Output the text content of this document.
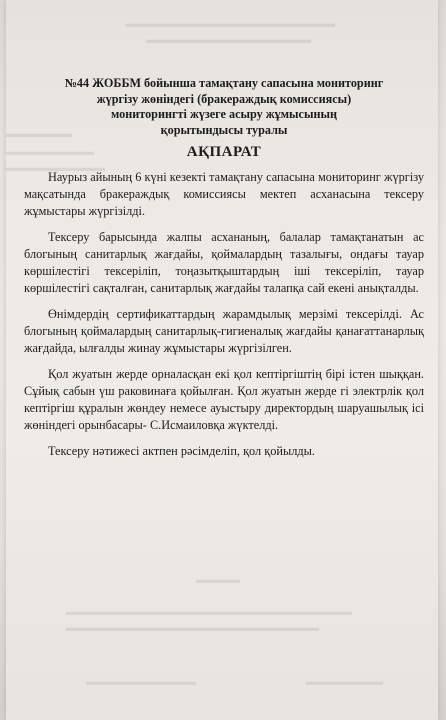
▬▬▬▬▬▬▬▬▬▬▬▬▬▬▬▬▬▬▬
▬▬▬▬▬▬▬▬▬▬▬▬▬▬▬
▬▬▬▬▬▬
▬▬▬▬▬▬▬▬
▬▬▬▬▬▬▬▬▬
▬▬▬▬
▬▬▬▬▬▬▬▬▬▬▬▬▬▬▬▬▬▬▬▬▬▬▬▬▬▬
▬▬▬▬▬▬▬▬▬▬▬▬▬▬▬▬▬▬▬▬▬▬▬
▬▬▬▬▬▬▬▬▬▬	▬▬▬▬▬▬▬
№44 ЖОББМ бойынша тамақтану сапасына мониторинг
жүргізу жөніндегі (бракераждық комиссиясы)
мониторингті жүзеге асыру жұмысының
қорытындысы туралы
АҚПАРАТ

Наурыз айының 6 күні кезекті тамақтану сапасына мониторинг жүргізу мақсатында бракераждық комиссиясы мектеп асханасына тексеру жұмыстары жүргізілді.

Тексеру барысында жалпы асхананың, балалар тамақтанатын ас блогының санитарлық жағдайы, қоймалардың тазалығы, ондағы тауар көршілестігі тексеріліп, тоңазытқыштардың іші тексеріліп, тауар көршілестігі сақталған, санитарлық жағдайы талапқа сай екені анықталды.

Өнімдердің сертификаттардың жарамдылық мерзімі тексерілді. Ас блогының қоймалардың санитарлық-гигиеналық жағдайы қанағаттанарлық жағдайда, ылғалды жинау жұмыстары жүргізілген.

Қол жуатын жерде орналасқан екі қол кептіргіштің бірі істен шыққан. Сұйық сабын үш раковинаға қойылған. Қол жуатын жерде гі электрлік қол кептіргіш құралын жөндеу немесе ауыстыру директордың шаруашылық ісі жөніндегі орынбасары- С.Исмаиловқа жүктелді.

Тексеру нәтижесі актпен рәсімделіп, қол қойылды.
